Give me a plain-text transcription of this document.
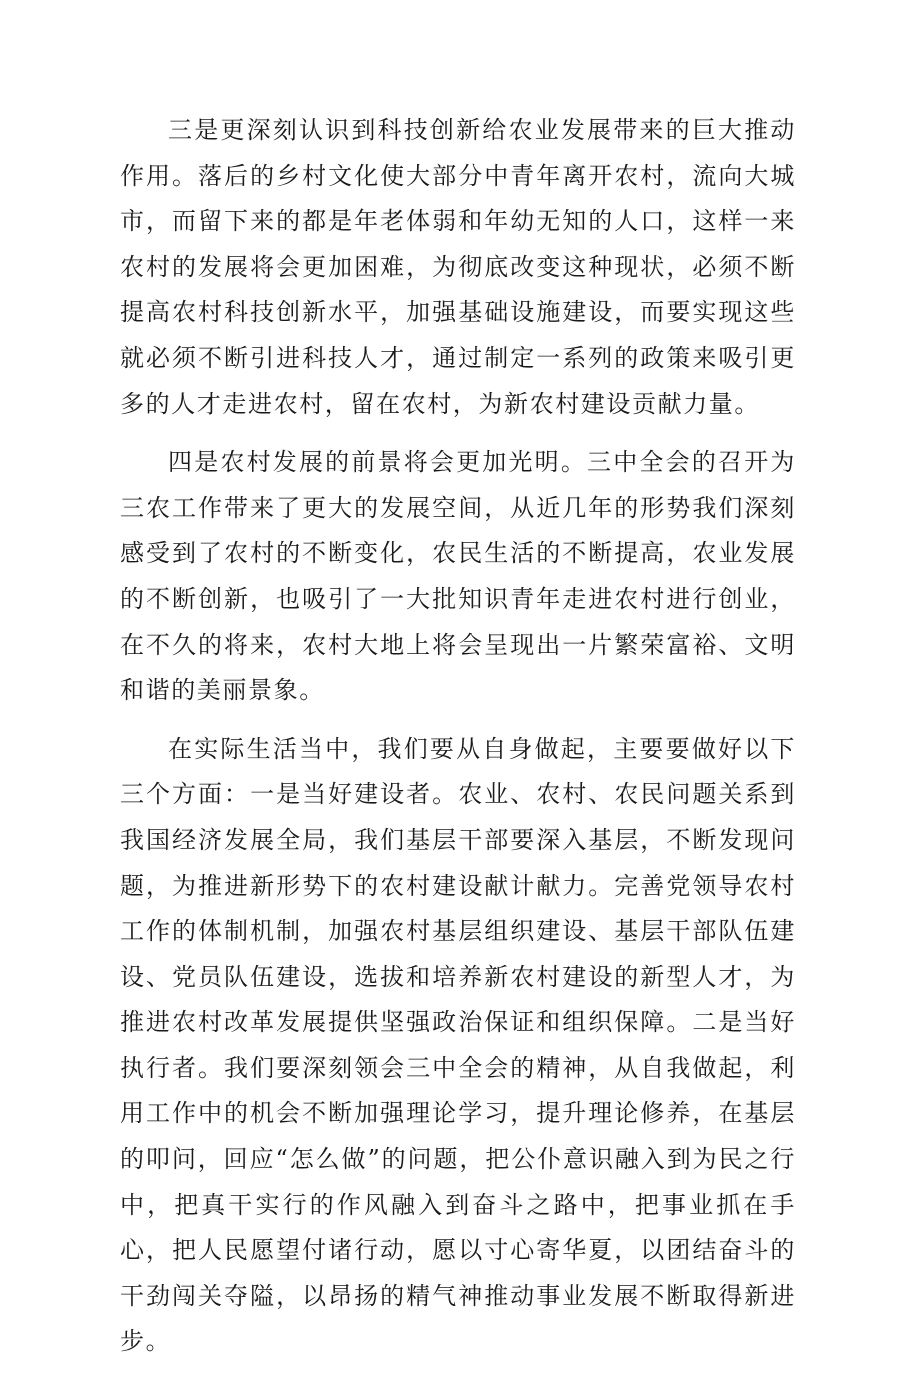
三是更深刻认识到科技创新给农业发展带来的巨大推动作用。落后的乡村文化使大部分中青年离开农村，流向大城市，而留下来的都是年老体弱和年幼无知的人口，这样一来农村的发展将会更加困难，为彻底改变这种现状，必须不断提高农村科技创新水平，加强基础设施建设，而要实现这些就必须不断引进科技人才，通过制定一系列的政策来吸引更多的人才走进农村，留在农村，为新农村建设贡献力量。

四是农村发展的前景将会更加光明。三中全会的召开为三农工作带来了更大的发展空间，从近几年的形势我们深刻感受到了农村的不断变化，农民生活的不断提高，农业发展的不断创新，也吸引了一大批知识青年走进农村进行创业，在不久的将来，农村大地上将会呈现出一片繁荣富裕、文明和谐的美丽景象。

在实际生活当中，我们要从自身做起，主要要做好以下三个方面：一是当好建设者。农业、农村、农民问题关系到我国经济发展全局，我们基层干部要深入基层，不断发现问题，为推进新形势下的农村建设献计献力。完善党领导农村工作的体制机制，加强农村基层组织建设、基层干部队伍建设、党员队伍建设，选拔和培养新农村建设的新型人才，为推进农村改革发展提供坚强政治保证和组织保障。二是当好执行者。我们要深刻领会三中全会的精神，从自我做起，利用工作中的机会不断加强理论学习，提升理论修养，在基层的叩问，回应“怎么做”的问题，把公仆意识融入到为民之行中，把真干实行的作风融入到奋斗之路中，把事业抓在手心，把人民愿望付诸行动，愿以寸心寄华夏，以团结奋斗的干劲闯关夺隘，以昂扬的精气神推动事业发展不断取得新进步。
